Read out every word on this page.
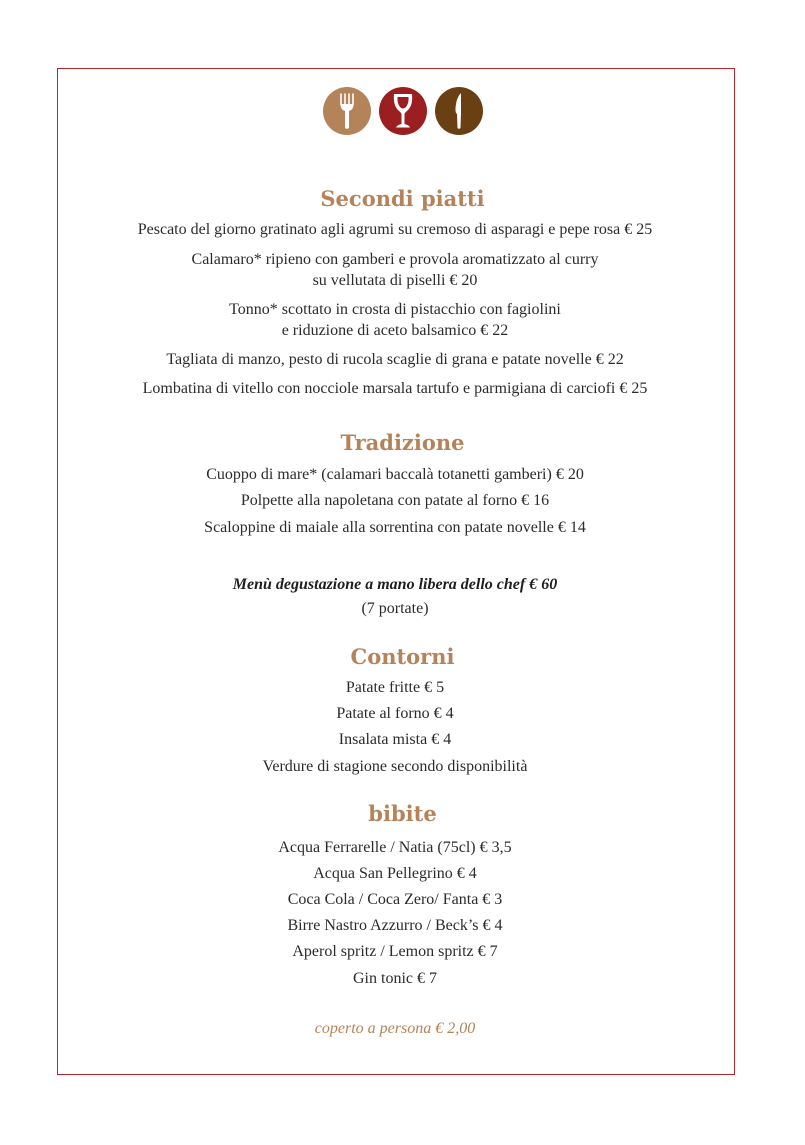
Secondi piatti
Pescato del giorno gratinato agli agrumi su cremoso di asparagi e pepe rosa € 25
Calamaro* ripieno con gamberi e provola aromatizzato al curry
su vellutata di piselli € 20
Tonno* scottato in crosta di pistacchio con fagiolini
e riduzione di aceto balsamico € 22
Tagliata di manzo, pesto di rucola scaglie di grana e patate novelle € 22
Lombatina di vitello con nocciole marsala tartufo e parmigiana di carciofi € 25
Tradizione
Cuoppo di mare* (calamari baccalà totanetti gamberi) € 20
Polpette alla napoletana con patate al forno € 16
Scaloppine di maiale alla sorrentina con patate novelle € 14
Menù degustazione a mano libera dello chef € 60
(7 portate)
Contorni
Patate fritte € 5
Patate al forno € 4
Insalata mista € 4
Verdure di stagione secondo disponibilità
bibite
Acqua Ferrarelle / Natia (75cl) € 3,5
Acqua San Pellegrino € 4
Coca Cola / Coca Zero/ Fanta € 3
Birre Nastro Azzurro / Beck’s € 4
Aperol spritz / Lemon spritz € 7
Gin tonic € 7
coperto a persona € 2,00
